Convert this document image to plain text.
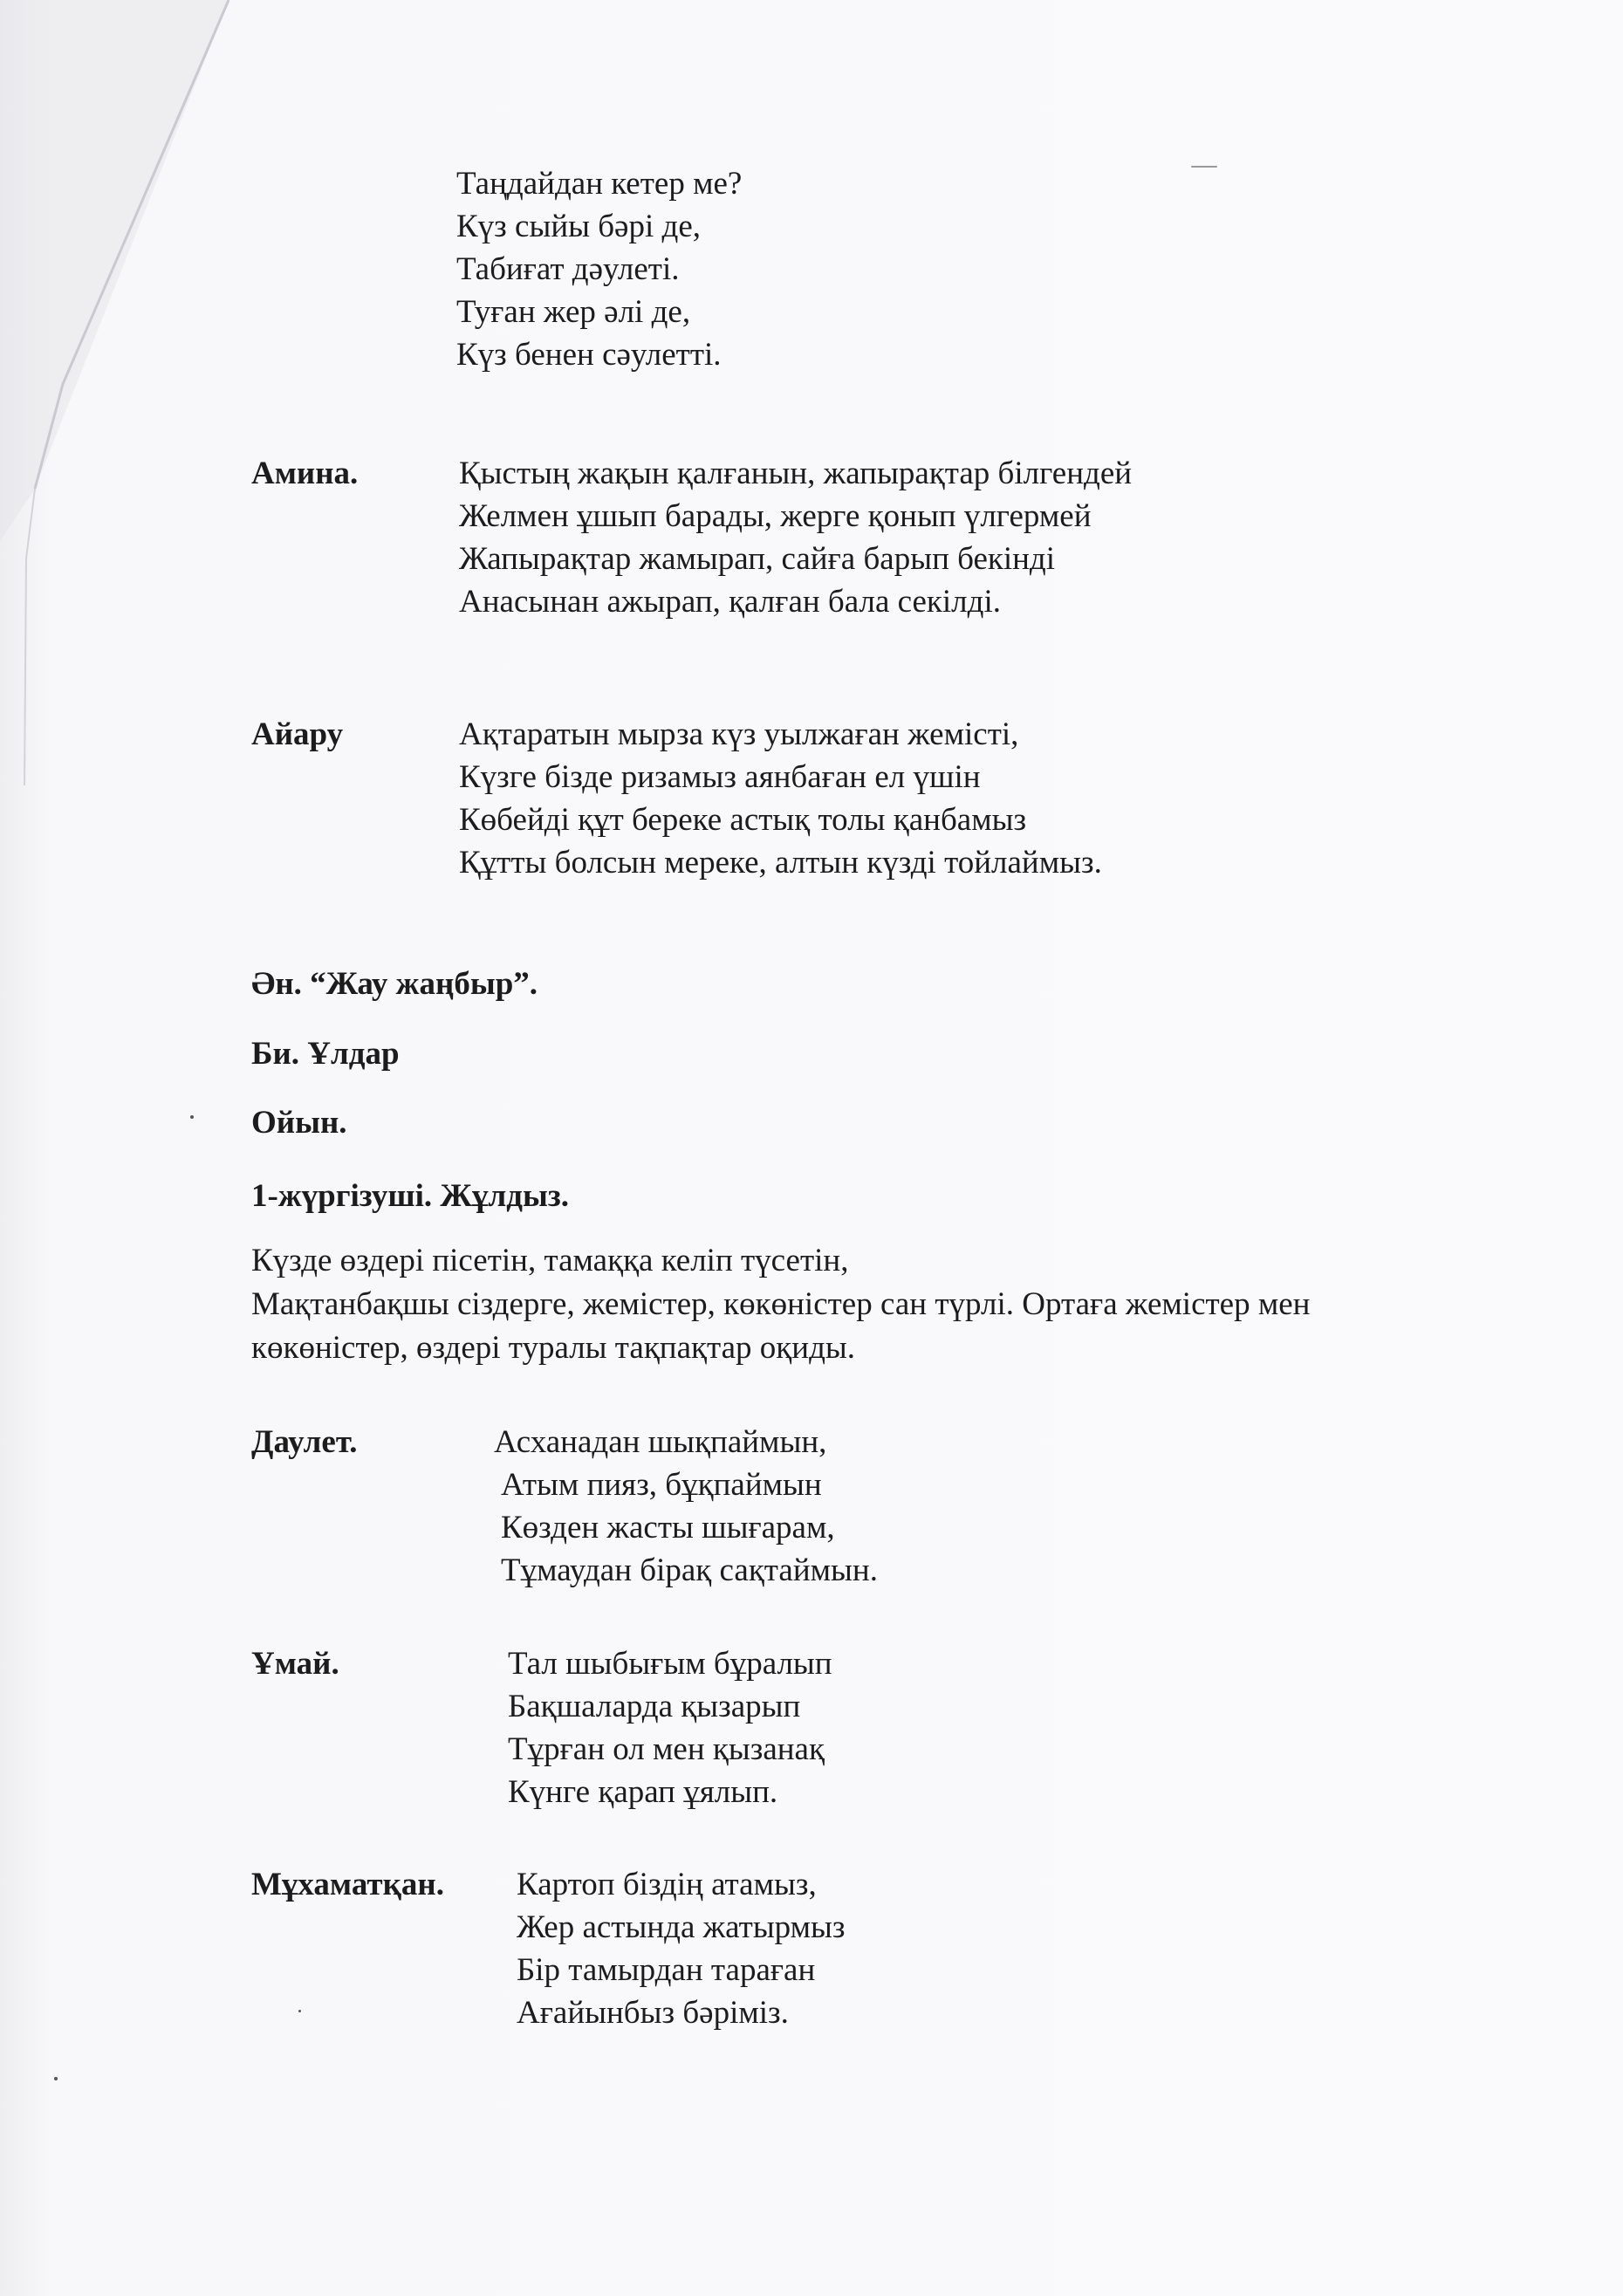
Таңдайдан кетер ме?
Күз сыйы бәрі де,
Табиғат дәулеті.
Туған жер әлі де,
Күз бенен сәулетті.
Амина.	Қыстың жақын қалғанын, жапырақтар білгендей
Желмен ұшып барады, жерге қонып үлгермей
Жапырақтар жамырап, сайға барып бекінді
Анасынан ажырап, қалған бала секілді.
Айару	Ақтаратын мырза күз уылжаған жемісті,
Күзге бізде ризамыз аянбаған ел үшін
Көбейді құт береке астық толы қанбамыз
Құтты болсын мереке, алтын күзді тойлаймыз.
Ән. “Жау жаңбыр”.
Би. Ұлдар
Ойын.
1-жүргізуші. Жұлдыз.
Күзде өздері пісетін, тамаққа келіп түсетін,
Мақтанбақшы сіздерге, жемістер, көкөністер сан түрлі. Ортаға жемістер мен
көкөністер, өздері туралы тақпақтар оқиды.
Даулет.	Асханадан шықпаймын,
Атым пияз, бұқпаймын
Көзден жасты шығарам,
Тұмаудан бірақ сақтаймын.
Ұмай.	Тал шыбығым бұралып
Бақшаларда қызарып
Тұрған ол мен қызанақ
Күнге қарап ұялып.
Мұхаматқан. Картоп біздің атамыз,
Жер астында жатырмыз
Бір тамырдан тараған
Ағайынбыз бәріміз.
